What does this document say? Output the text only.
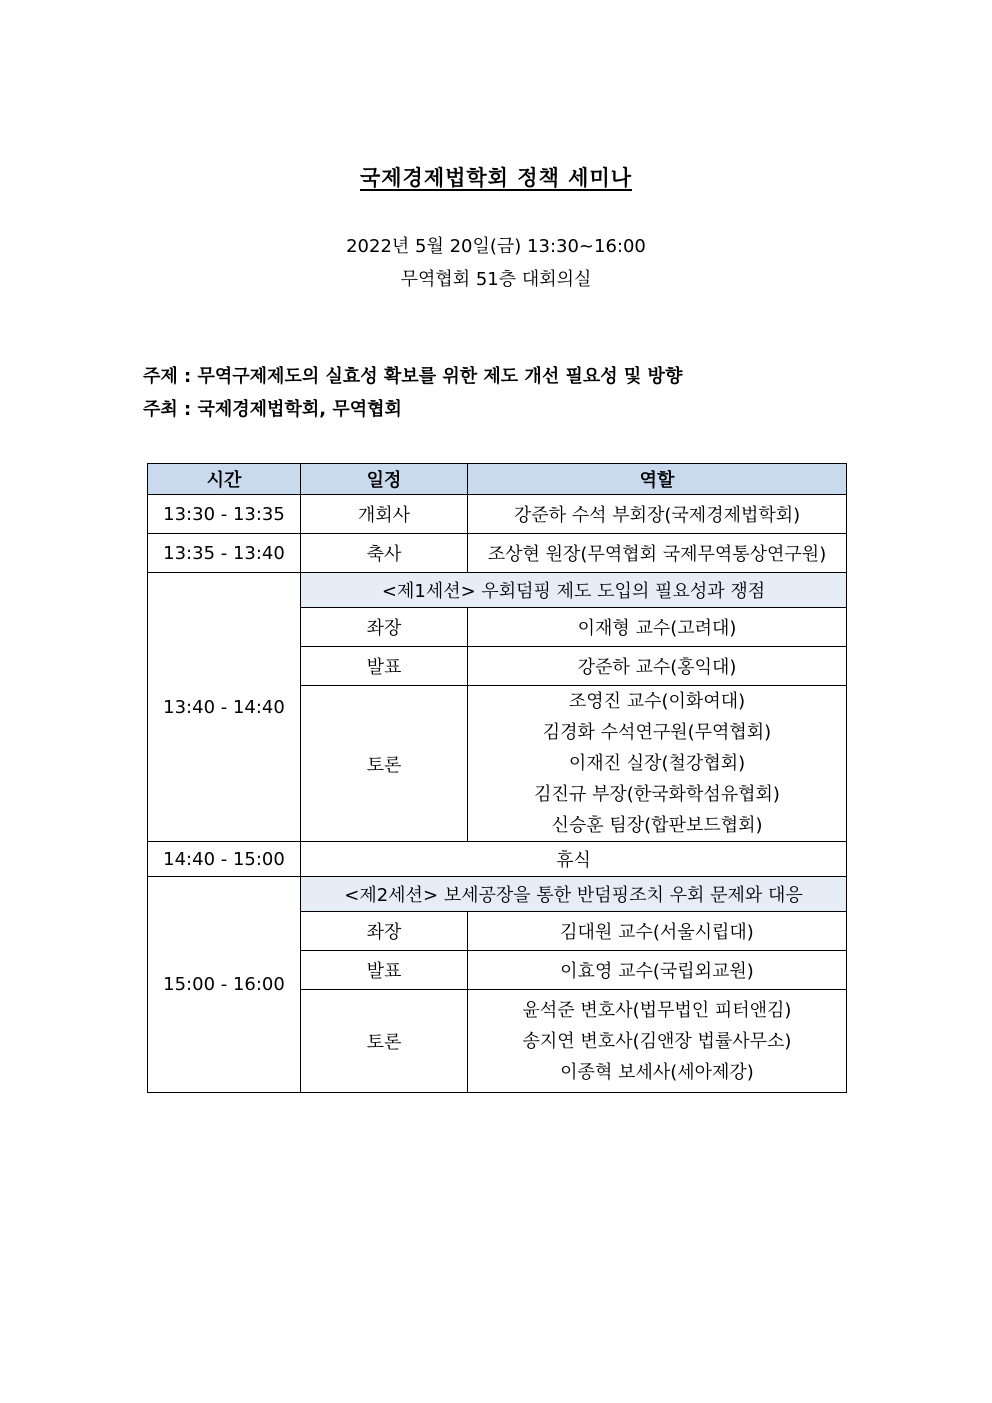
국제경제법학회 정책 세미나
2022년 5월 20일(금) 13:30~16:00
무역협회 51층 대회의실
주제 : 무역구제제도의 실효성 확보를 위한 제도 개선 필요성 및 방향
주최 : 국제경제법학회, 무역협회
시간	일정	역할
13:30 - 13:35	개회사	강준하 수석 부회장(국제경제법학회)
13:35 - 13:40	축사	조상현 원장(무역협회 국제무역통상연구원)
13:40 - 14:40	<제1세션> 우회덤핑 제도 도입의 필요성과 쟁점	
	좌장	이재형 교수(고려대)
	발표	강준하 교수(홍익대)
	토론	조영진 교수(이화여대)
김경화 수석연구원(무역협회)
이재진 실장(철강협회)
김진규 부장(한국화학섬유협회)
신승훈 팀장(합판보드협회)

14:40 - 15:00	휴식	
15:00 - 16:00	<제2세션> 보세공장을 통한 반덤핑조치 우회 문제와 대응	
	좌장	김대원 교수(서울시립대)
	발표	이효영 교수(국립외교원)
	토론	윤석준 변호사(법무법인 피터앤김)
송지연 변호사(김앤장 법률사무소)
이종혁 보세사(세아제강)
